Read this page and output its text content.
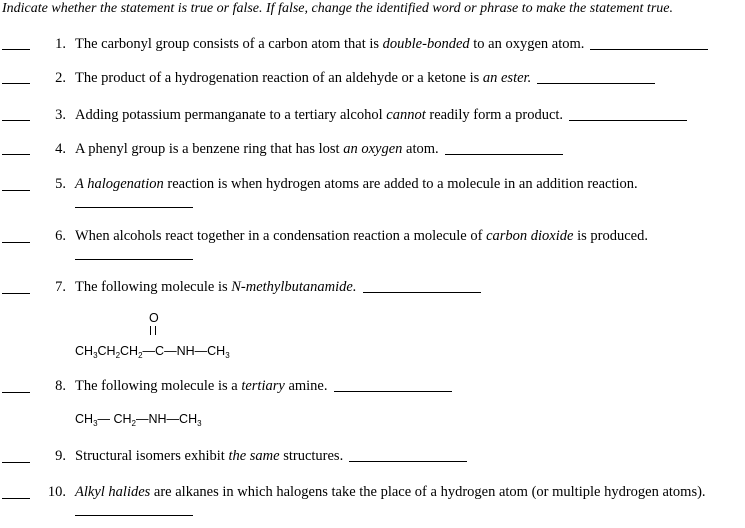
Indicate whether the statement is true or false. If false, change the identified word or phrase to make the statement true.
1. The carbonyl group consists of a carbon atom that is double-bonded to an oxygen atom.
2. The product of a hydrogenation reaction of an aldehyde or a ketone is an ester.
3. Adding potassium permanganate to a tertiary alcohol cannot readily form a product.
4. A phenyl group is a benzene ring that has lost an oxygen atom.
5. A halogenation reaction is when hydrogen atoms are added to a molecule in an addition reaction.
6. When alcohols react together in a condensation reaction a molecule of carbon dioxide is produced.
7. The following molecule is N-methylbutanamide.
O
$CH_3CH_2CH_2—C—NH—CH_3$
8. The following molecule is a tertiary amine.
$CH_3—$ $CH_2—NH—CH_3$
9. Structural isomers exhibit the same structures.
10. Alkyl halides are alkanes in which halogens take the place of a hydrogen atom (or multiple hydrogen atoms).
